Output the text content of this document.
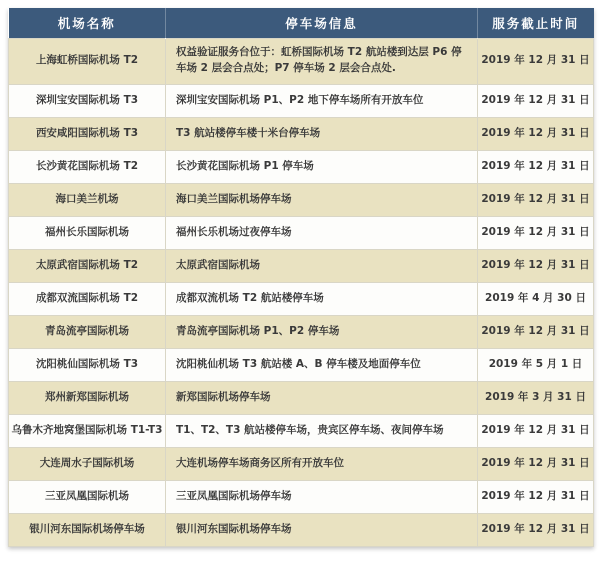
机场名称	停车场信息	服务截止时间
上海虹桥国际机场 T2	权益验证服务台位于：虹桥国际机场 T2 航站楼到达层 P6 停车场 2 层会合点处；P7 停车场 2 层会合点处.	2019 年 12 月 31 日
深圳宝安国际机场 T3	深圳宝安国际机场 P1、P2 地下停车场所有开放车位	2019 年 12 月 31 日
西安咸阳国际机场 T3	T3 航站楼停车楼十米台停车场	2019 年 12 月 31 日
长沙黄花国际机场 T2	长沙黄花国际机场 P1 停车场	2019 年 12 月 31 日
海口美兰机场	海口美兰国际机场停车场	2019 年 12 月 31 日
福州长乐国际机场	福州长乐机场过夜停车场	2019 年 12 月 31 日
太原武宿国际机场 T2	太原武宿国际机场	2019 年 12 月 31 日
成都双流国际机场 T2	成都双流机场 T2 航站楼停车场	2019 年 4 月 30 日
青岛流亭国际机场	青岛流亭国际机场 P1、P2 停车场	2019 年 12 月 31 日
沈阳桃仙国际机场 T3	沈阳桃仙机场 T3 航站楼 A、B 停车楼及地面停车位	2019 年 5 月 1 日
郑州新郑国际机场	新郑国际机场停车场	2019 年 3 月 31 日
乌鲁木齐地窝堡国际机场 T1-T3	T1、T2、T3 航站楼停车场，贵宾区停车场、夜间停车场	2019 年 12 月 31 日
大连周水子国际机场	大连机场停车场商务区所有开放车位	2019 年 12 月 31 日
三亚凤凰国际机场	三亚凤凰国际机场停车场	2019 年 12 月 31 日
银川河东国际机场停车场	银川河东国际机场停车场	2019 年 12 月 31 日
